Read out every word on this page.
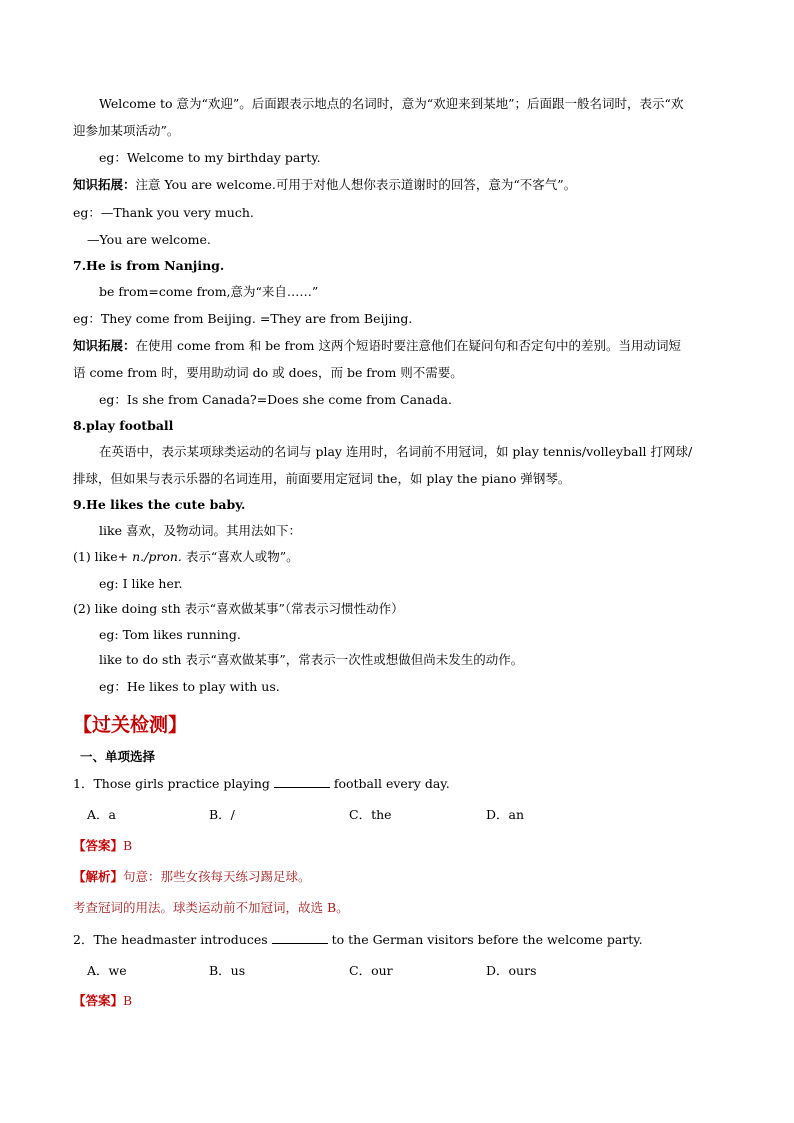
Welcome to 意为“欢迎”。后面跟表示地点的名词时，意为“欢迎来到某地”；后面跟一般名词时，表示“欢
迎参加某项活动”。
eg：Welcome to my birthday party.
知识拓展：注意 You are welcome.可用于对他人想你表示道谢时的回答，意为“不客气”。
eg：—Thank you very much.
—You are welcome.
7.He is from Nanjing.
be from=come from,意为“来自……”
eg：They come from Beijing. =They are from Beijing.
知识拓展：在使用 come from 和 be from 这两个短语时要注意他们在疑问句和否定句中的差别。当用动词短
语 come from 时，要用助动词 do 或 does，而 be from 则不需要。
eg：Is she from Canada?=Does she come from Canada.
8.play football
在英语中，表示某项球类运动的名词与 play 连用时，名词前不用冠词，如 play tennis/volleyball 打网球/
排球，但如果与表示乐器的名词连用，前面要用定冠词 the，如 play the piano 弹钢琴。
9.He likes the cute baby.
like 喜欢，及物动词。其用法如下：
(1) like+ n./pron. 表示“喜欢人或物”。
eg: I like her.
(2) like doing sth 表示“喜欢做某事”（常表示习惯性动作）
eg: Tom likes running.
like to do sth 表示“喜欢做某事”，常表示一次性或想做但尚未发生的动作。
eg：He likes to play with us.
【过关检测】
一、单项选择
1．Those girls practice playing	football every day.
A．a	B．/	C．the	D．an
【答案】B
【解析】句意：那些女孩每天练习踢足球。
考查冠词的用法。球类运动前不加冠词，故选 B。
2．The headmaster introduces	to the German visitors before the welcome party.
A．we	B．us	C．our	D．ours
【答案】B
